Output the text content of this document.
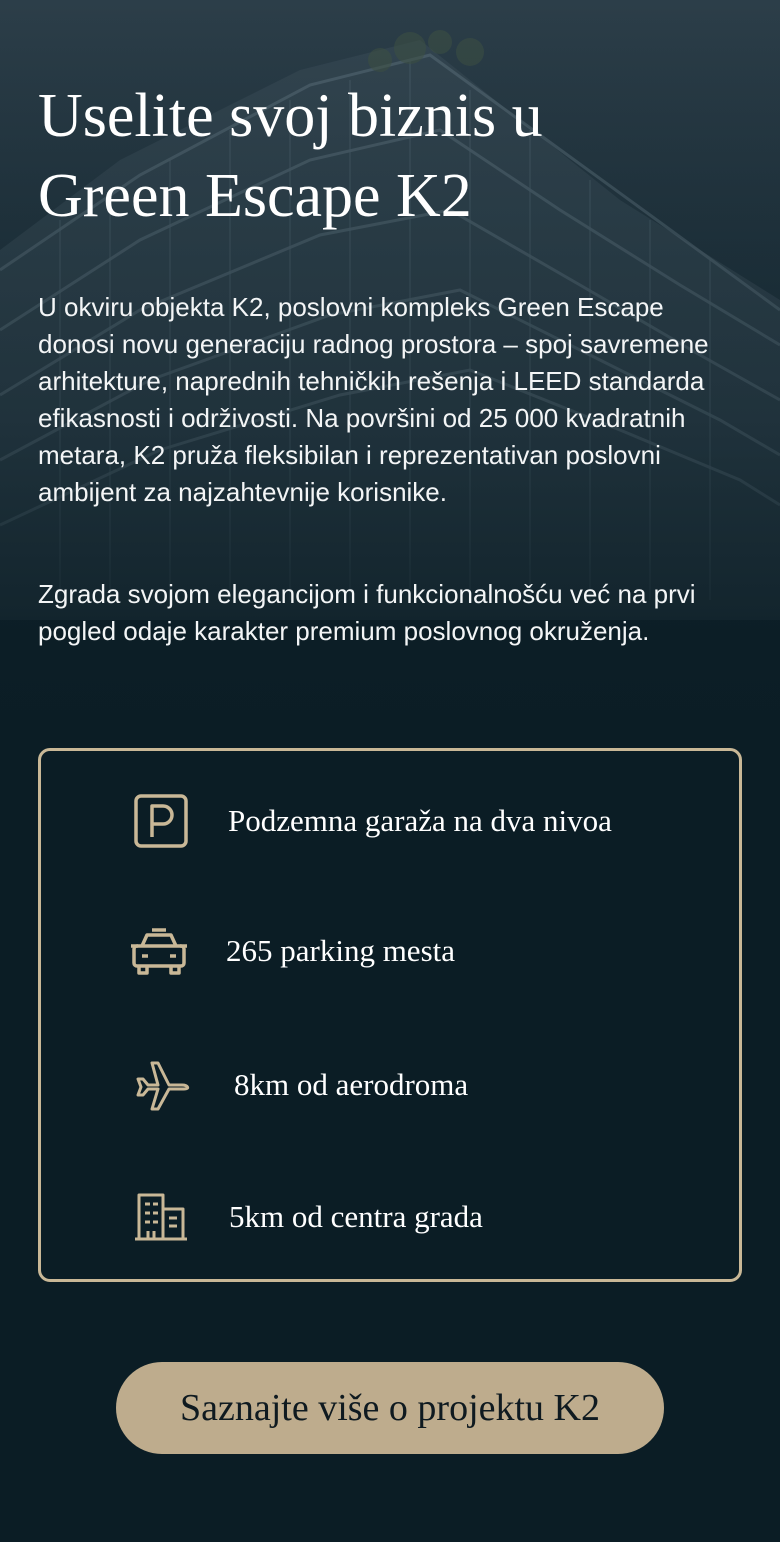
Uselite svoj biznis u
Green Escape K2

U okviru objekta K2, poslovni kompleks Green Escape donosi novu generaciju radnog prostora – spoj savremene arhitekture, naprednih tehničkih rešenja i LEED standarda efikasnosti i održivosti. Na površini od 25 000 kvadratnih metara, K2 pruža fleksibilan i reprezentativan poslovni ambijent za najzahtevnije korisnike.

Zgrada svojom elegancijom i funkcionalnošću već na prvi pogled odaje karakter premium poslovnog okruženja.

Podzemna garaža na dva nivoa
265 parking mesta
8km od aerodroma
5km od centra grada
Saznajte više o projektu K2
